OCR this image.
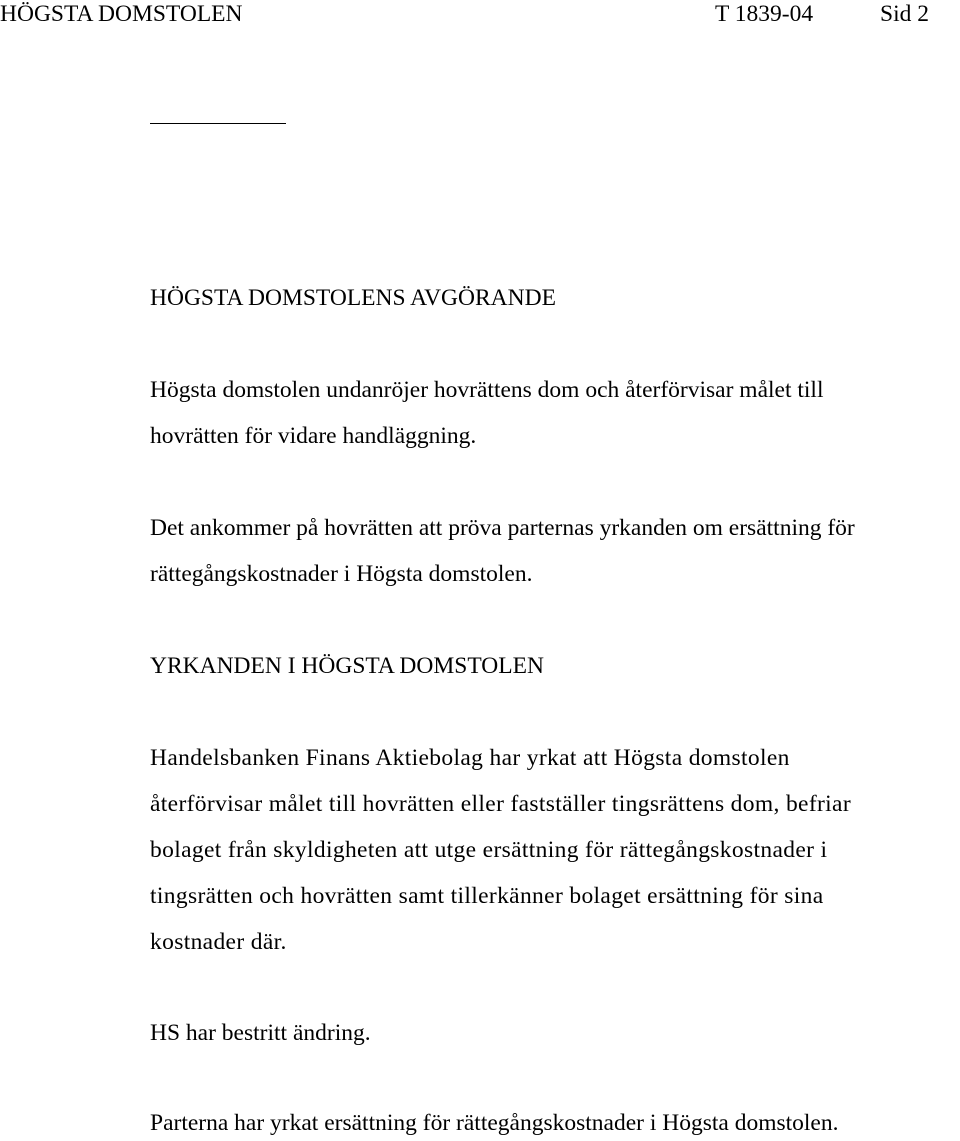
HÖGSTA DOMSTOLEN	T 1839-04	Sid 2
HÖGSTA DOMSTOLENS AVGÖRANDE
Högsta domstolen undanröjer hovrättens dom och återförvisar målet till
hovrätten för vidare handläggning.
Det ankommer på hovrätten att pröva parternas yrkanden om ersättning för
rättegångskostnader i Högsta domstolen.
YRKANDEN I HÖGSTA DOMSTOLEN
Handelsbanken Finans Aktiebolag har yrkat att Högsta domstolen
återförvisar målet till hovrätten eller fastställer tingsrättens dom, befriar
bolaget från skyldigheten att utge ersättning för rättegångskostnader i
tingsrätten och hovrätten samt tillerkänner bolaget ersättning för sina
kostnader där.
HS har bestritt ändring.
Parterna har yrkat ersättning för rättegångskostnader i Högsta domstolen.
